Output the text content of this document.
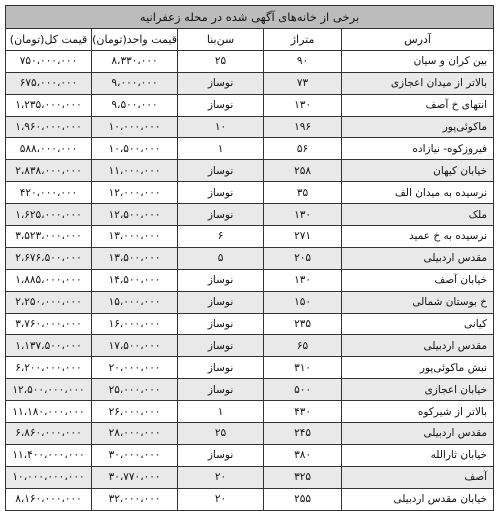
برخی از خانه‌های آگهی شده در محله زعفرانیه				
آدرس	متراژ	سن‌بنا	قیمت واحد(تومان)	قیمت کل(تومان)
بین کران و سیان	۹۰	۲۵	۸،۳۳۰،۰۰۰	۷۵۰،۰۰۰،۰۰۰
بالاتر از میدان اعجازی	۷۳	نوساز	۹،۰۰۰،۰۰۰	۶۷۵،۰۰۰،۰۰۰
انتهای خ آصف	۱۳۰	نوساز	۹،۵۰۰،۰۰۰	۱،۲۳۵،۰۰۰،۰۰۰
ماکوئی‌پور	۱۹۶	۱۰	۱۰،۰۰۰،۰۰۰	۱،۹۶۰،۰۰۰،۰۰۰
فیروزکوه- نیازاده	۵۶	۱	۱۰،۵۰۰،۰۰۰	۵۸۸،۰۰۰،۰۰۰
خیابان کیهان	۲۵۸	نوساز	۱۱،۰۰۰،۰۰۰	۲،۸۳۸،۰۰۰،۰۰۰
نرسیده به میدان الف	۳۵	نوساز	۱۲،۰۰۰،۰۰۰	۴۲۰،۰۰۰،۰۰۰
ملک	۱۳۰	نوساز	۱۲،۵۰۰،۰۰۰	۱،۶۲۵،۰۰۰،۰۰۰
نرسیده به خ عمید	۲۷۱	۶	۱۳،۰۰۰،۰۰۰	۳،۵۲۳،۰۰۰،۰۰۰
مقدس اردبیلی	۲۰۵	۵	۱۳،۵۰۰،۰۰۰	۲،۶۷۶،۵۰۰،۰۰۰
خیابان آصف	۱۳۰	نوساز	۱۴،۵۰۰،۰۰۰	۱،۸۸۵،۰۰۰،۰۰۰
خ بوستان شمالی	۱۵۰	نوساز	۱۵،۰۰۰،۰۰۰	۲،۲۵۰،۰۰۰،۰۰۰
کیانی	۲۳۵	نوساز	۱۶،۰۰۰،۰۰۰	۳،۷۶۰،۰۰۰،۰۰۰
مقدس اردبیلی	۶۵	نوساز	۱۷،۵۰۰،۰۰۰	۱،۱۳۷،۵۰۰،۰۰۰
نبش ماکوئی‌پور	۳۱۰	نوساز	۲۰،۰۰۰،۰۰۰	۶،۲۰۰،۰۰۰،۰۰۰
خیابان اعجازی	۵۰۰	نوساز	۲۵،۰۰۰،۰۰۰	۱۲،۵۰۰،۰۰۰،۰۰۰
بالاتر از شیرکوه	۴۳۰	۱	۲۶،۰۰۰،۰۰۰	۱۱،۱۸۰،۰۰۰،۰۰۰
مقدس اردبیلی	۲۴۵	۲۵	۲۸،۰۰۰،۰۰۰	۶،۸۶۰،۰۰۰،۰۰۰
خیابان ثارالله	۳۸۰	نوساز	۳۰،۰۰۰،۰۰۰	۱۱،۴۰۰،۰۰۰،۰۰۰
آصف	۳۲۵	۲۰	۳۰،۷۷۰،۰۰۰	۱۰،۰۰۰،۰۰۰،۰۰۰
خیابان مقدس اردبیلی	۲۵۵	۲۰	۳۲،۰۰۰،۰۰۰	۸،۱۶۰،۰۰۰،۰۰۰
